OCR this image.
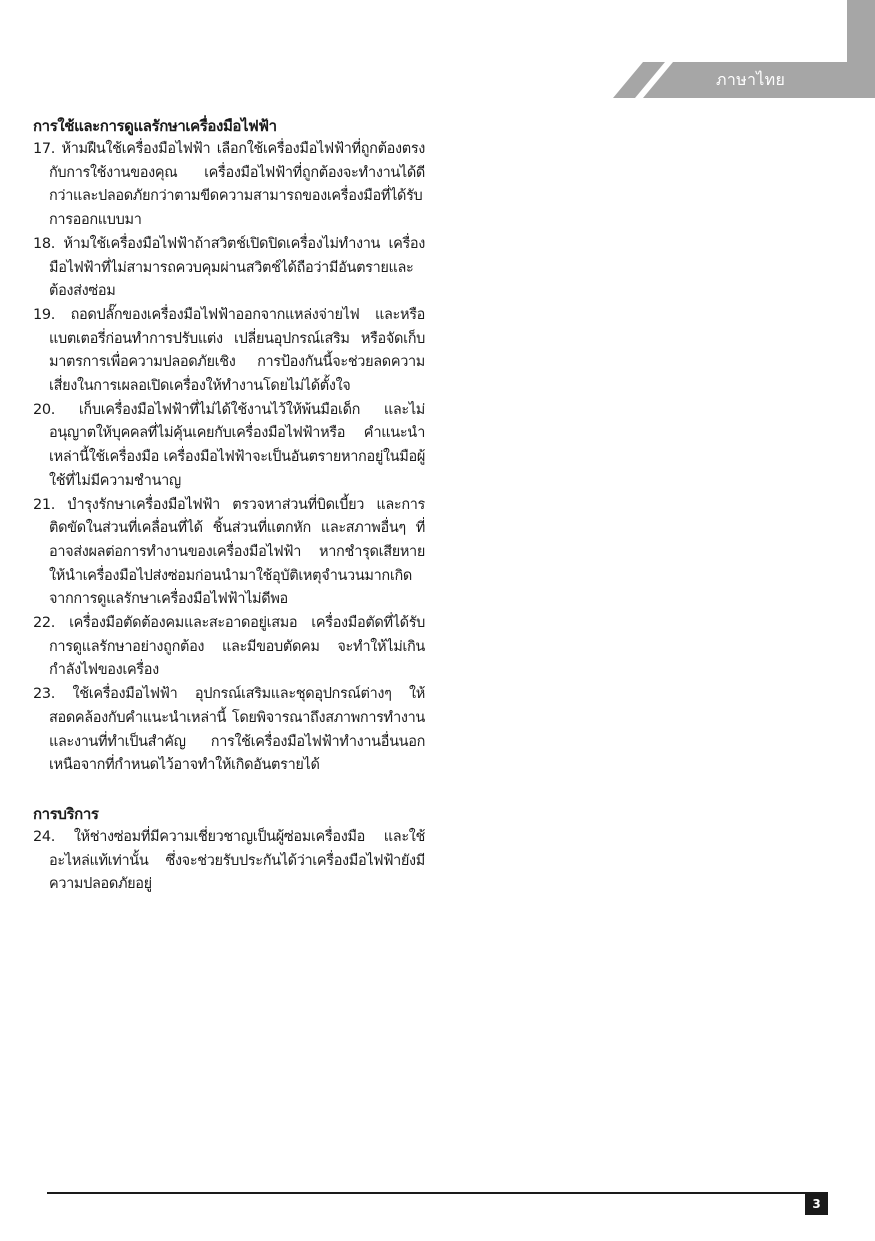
ภาษาไทย
การใช้และการดูแลรักษาเครื่องมือไฟฟ้า
17. ห้ามฝืนใช้เครื่องมือไฟฟ้า เลือกใช้เครื่องมือไฟฟ้าที่ถูกต้องตรงกับการใช้งานของคุณ เครื่องมือไฟฟ้าที่ถูกต้องจะทำงานได้ดีกว่าและปลอดภัยกว่าตามขีดความสามารถของเครื่องมือที่ได้รับการออกแบบมา
18. ห้ามใช้เครื่องมือไฟฟ้าถ้าสวิตช์เปิดปิดเครื่องไม่ทำงาน เครื่องมือไฟฟ้าที่ไม่สามารถควบคุมผ่านสวิตช์ได้ถือว่ามีอันตรายและต้องส่งซ่อม
19. ถอดปลั๊กของเครื่องมือไฟฟ้าออกจากแหล่งจ่ายไฟ และหรือแบตเตอรี่ก่อนทำการปรับแต่ง เปลี่ยนอุปกรณ์เสริม หรือจัดเก็บมาตรการเพื่อความปลอดภัยเชิง การป้องกันนี้จะช่วยลดความเสี่ยงในการเผลอเปิดเครื่องให้ทำงานโดยไม่ได้ตั้งใจ
20. เก็บเครื่องมือไฟฟ้าที่ไม่ได้ใช้งานไว้ให้พ้นมือเด็ก และไม่อนุญาตให้บุคคลที่ไม่คุ้นเคยกับเครื่องมือไฟฟ้าหรือ คำแนะนำเหล่านี้ใช้เครื่องมือ เครื่องมือไฟฟ้าจะเป็นอันตรายหากอยู่ในมือผู้ใช้ที่ไม่มีความชำนาญ
21. บำรุงรักษาเครื่องมือไฟฟ้า ตรวจหาส่วนที่บิดเบี้ยว และการติดขัดในส่วนที่เคลื่อนที่ได้ ชิ้นส่วนที่แตกหัก และสภาพอื่นๆ ที่อาจส่งผลต่อการทำงานของเครื่องมือไฟฟ้า หากชำรุดเสียหาย ให้นำเครื่องมือไปส่งซ่อมก่อนนำมาใช้อุบัติเหตุจำนวนมากเกิดจากการดูแลรักษาเครื่องมือไฟฟ้าไม่ดีพอ
22. เครื่องมือตัดต้องคมและสะอาดอยู่เสมอ เครื่องมือตัดที่ได้รับการดูแลรักษาอย่างถูกต้อง และมีขอบตัดคม จะทำให้ไม่เกินกำลังไฟของเครื่อง
23. ใช้เครื่องมือไฟฟ้า อุปกรณ์เสริมและชุดอุปกรณ์ต่างๆ ให้สอดคล้องกับคำแนะนำเหล่านี้ โดยพิจารณาถึงสภาพการทำงานและงานที่ทำเป็นสำคัญ การใช้เครื่องมือไฟฟ้าทำงานอื่นนอกเหนือจากที่กำหนดไว้อาจทำให้เกิดอันตรายได้
การบริการ
24. ให้ช่างซ่อมที่มีความเชี่ยวชาญเป็นผู้ซ่อมเครื่องมือ และใช้อะไหล่แท้เท่านั้น ซึ่งจะช่วยรับประกันได้ว่าเครื่องมือไฟฟ้ายังมีความปลอดภัยอยู่
3
